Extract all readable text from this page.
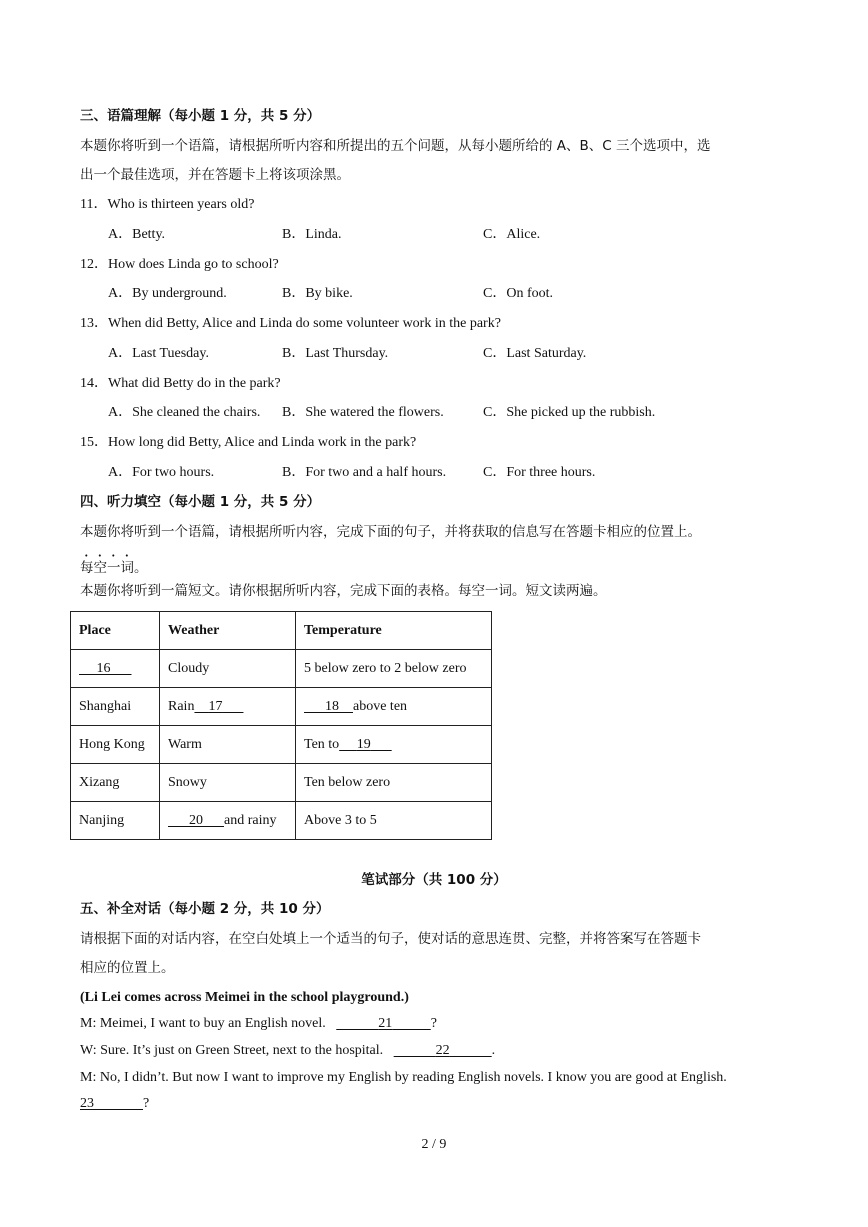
三、语篇理解（每小题 1 分，共 5 分）
本题你将听到一个语篇，请根据所听内容和所提出的五个问题，从每小题所给的 A、B、C 三个选项中，选
出一个最佳选项，并在答题卡上将该项涂黑。
11．Who is thirteen years old?
A．Betty.	B．Linda.	C．Alice.
12．How does Linda go to school?
A．By underground.	B．By bike.	C．On foot.
13．When did Betty, Alice and Linda do some volunteer work in the park?
A．Last Tuesday.	B．Last Thursday.	C．Last Saturday.
14．What did Betty do in the park?
A．She cleaned the chairs. B．She watered the flowers.	C．She picked up the rubbish.
15．How long did Betty, Alice and Linda work in the park?
A．For two hours.	B．For two and a half hours.	C．For three hours.
四、听力填空（每小题 1 分，共 5 分）
本题你将听到一个语篇，请根据所听内容，完成下面的句子，并将获取的信息写在答题卡相应的位置上。
每空一词。
本题你将听到一篇短文。请你根据所听内容，完成下面的表格。每空一词。短文读两遍。
Place	Weather	Temperature
16	Cloudy	5 below zero to 2 below zero
Shanghai	Rain 17	18 above ten
Hong Kong	Warm	Ten to 19
Xizang	Snowy	Ten below zero
Nanjing	20 and rainy	Above 3 to 5
笔试部分（共 100 分）
五、补全对话（每小题 2 分，共 10 分）
请根据下面的对话内容，在空白处填上一个适当的句子，使对话的意思连贯、完整，并将答案写在答题卡
相应的位置上。
(Li Lei comes across Meimei in the school playground.)
M: Meimei, I want to buy an English novel.	21	?
W: Sure. It’s just on Green Street, next to the hospital.	22	.
M: No, I didn’t. But now I want to improve my English by reading English novels. I know you are good at English.
23	?
2 / 9
